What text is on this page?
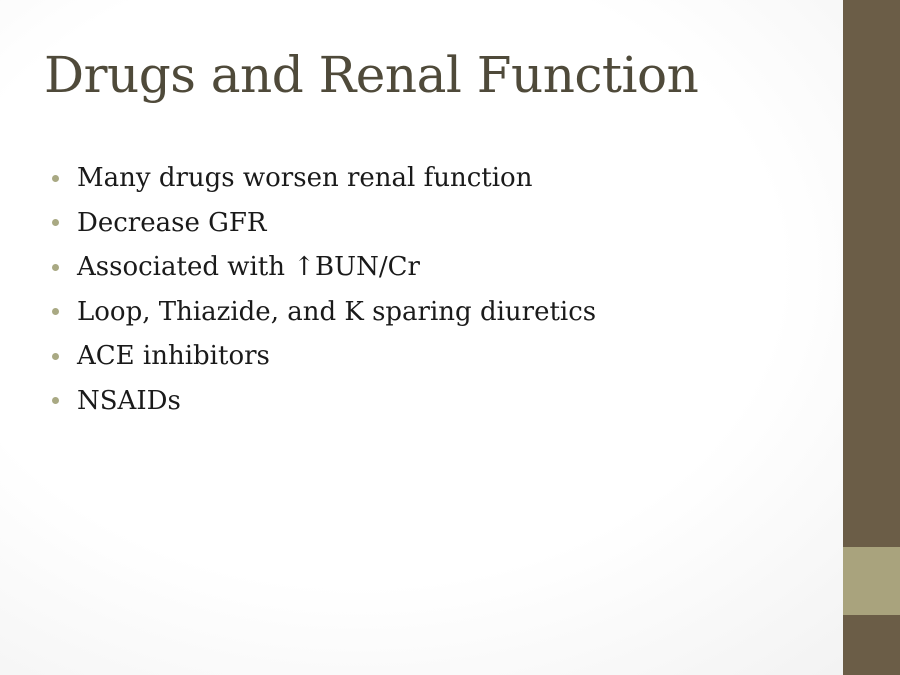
Drugs and Renal Function
Many drugs worsen renal function
Decrease GFR
Associated with ↑BUN/Cr
Loop, Thiazide, and K sparing diuretics
ACE inhibitors
NSAIDs
